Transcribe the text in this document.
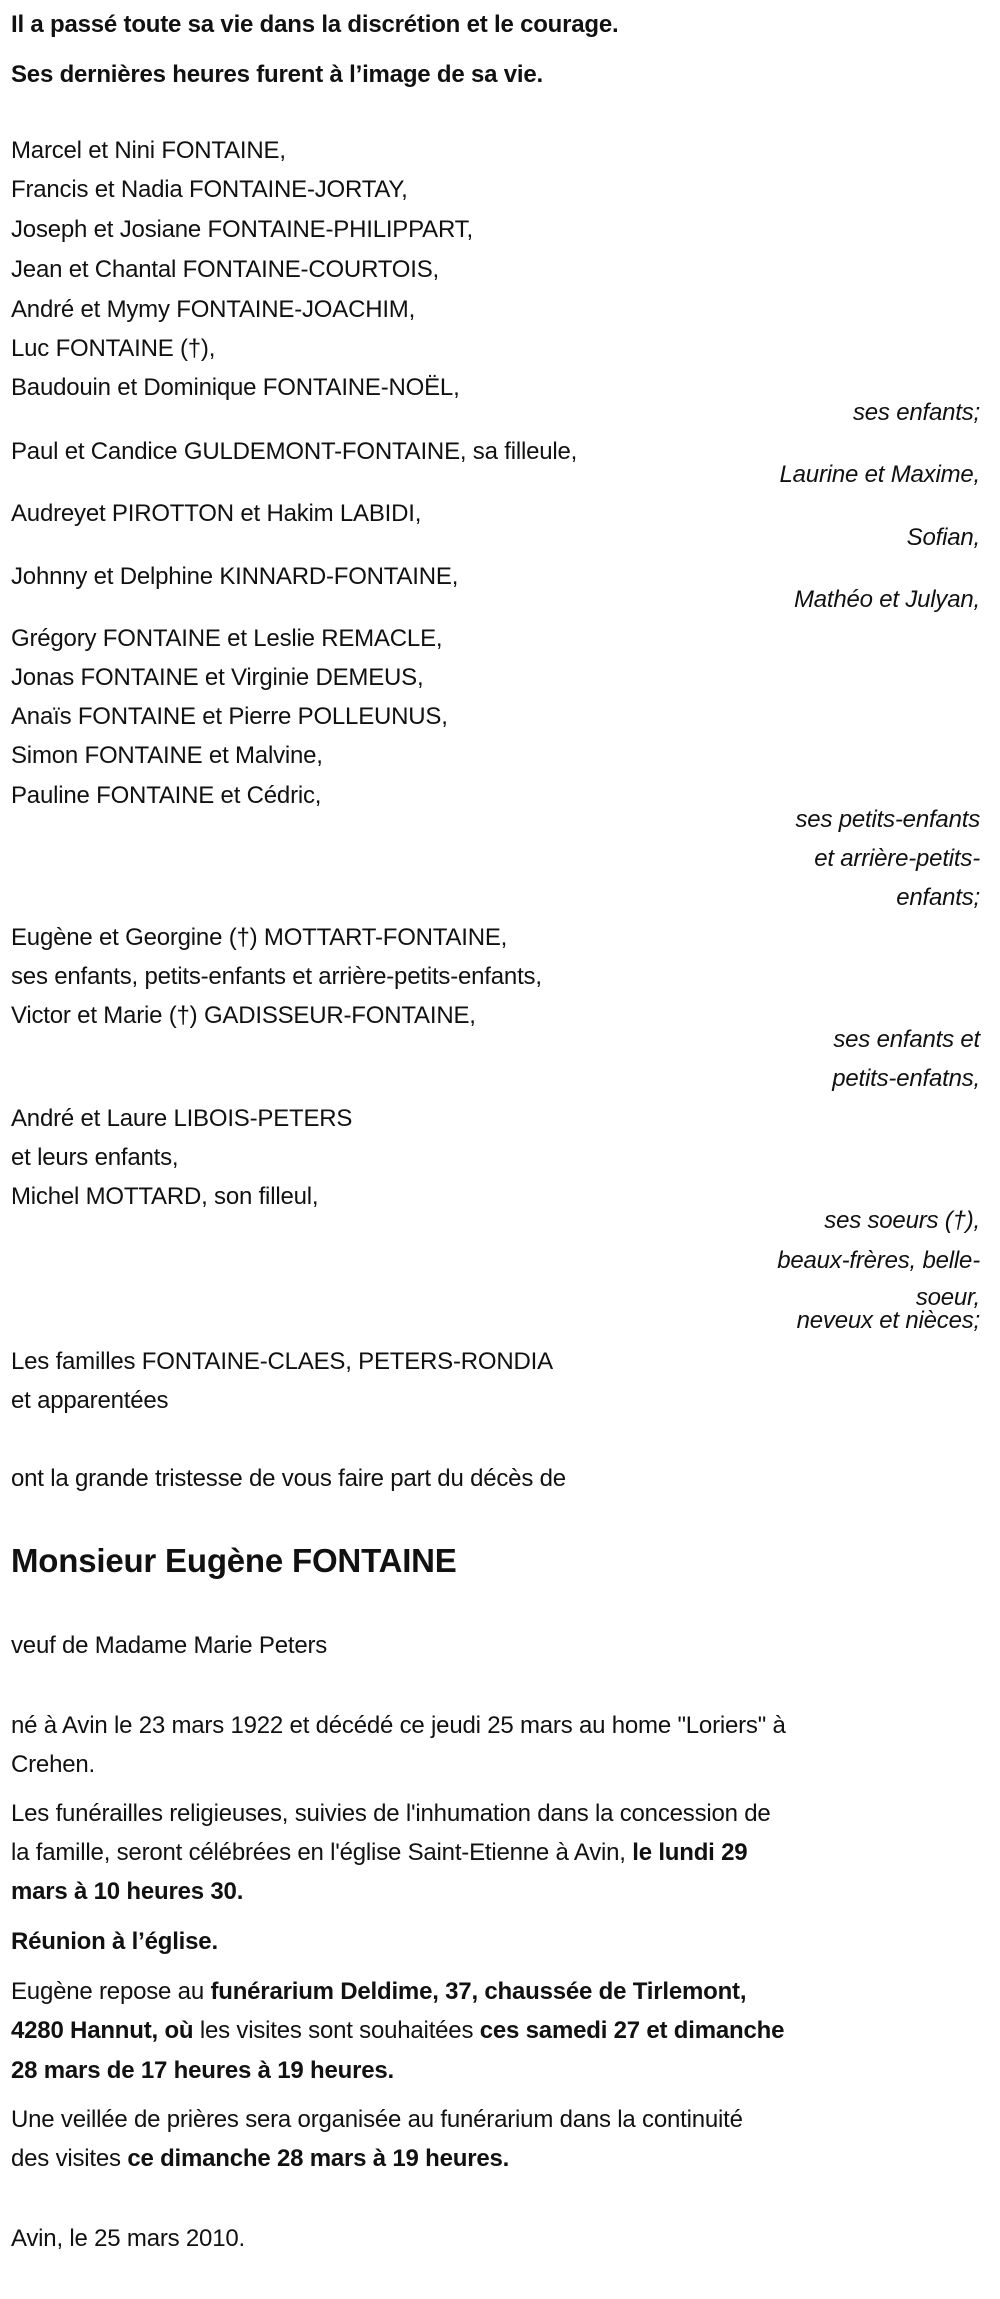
Il a passé toute sa vie dans la discrétion et le courage.
Ses dernières heures furent à l’image de sa vie.
Marcel et Nini FONTAINE,
Francis et Nadia FONTAINE-JORTAY,
Joseph et Josiane FONTAINE-PHILIPPART,
Jean et Chantal FONTAINE-COURTOIS,
André et Mymy FONTAINE-JOACHIM,
Luc FONTAINE (†),
Baudouin et Dominique FONTAINE-NOËL,
Paul et Candice GULDEMONT-FONTAINE, sa filleule,
Audreyet PIROTTON et Hakim LABIDI,
Johnny et Delphine KINNARD-FONTAINE,
Grégory FONTAINE et Leslie REMACLE,
Jonas FONTAINE et Virginie DEMEUS,
Anaïs FONTAINE et Pierre POLLEUNUS,
Simon FONTAINE et Malvine,
Pauline FONTAINE et Cédric,
Eugène et Georgine (†) MOTTART-FONTAINE,
ses enfants, petits-enfants et arrière-petits-enfants,
Victor et Marie (†) GADISSEUR-FONTAINE,
André et Laure LIBOIS-PETERS
et leurs enfants,
Michel MOTTARD, son filleul,
Les familles FONTAINE-CLAES, PETERS-RONDIA
et apparentées
ont la grande tristesse de vous faire part du décès de
ses enfants;
Laurine et Maxime,
Sofian,
Mathéo et Julyan,
ses petits-enfants
et arrière-petits-
enfants;
ses enfants et
petits-enfatns,
ses soeurs (†),
beaux-frères, belle-
soeur,
neveux et nièces;
Monsieur Eugène FONTAINE
veuf de Madame Marie Peters
né à Avin le 23 mars 1922 et décédé ce jeudi 25 mars au home "Loriers" à
Crehen.
Les funérailles religieuses, suivies de l'inhumation dans la concession de
la famille, seront célébrées en l'église Saint-Etienne à Avin, le lundi 29
mars à 10 heures 30.
Réunion à l’église.
Eugène repose au funérarium Deldime, 37, chaussée de Tirlemont,
4280 Hannut, où les visites sont souhaitées ces samedi 27 et dimanche
28 mars de 17 heures à 19 heures.
Une veillée de prières sera organisée au funérarium dans la continuité
des visites ce dimanche 28 mars à 19 heures.
Avin, le 25 mars 2010.
